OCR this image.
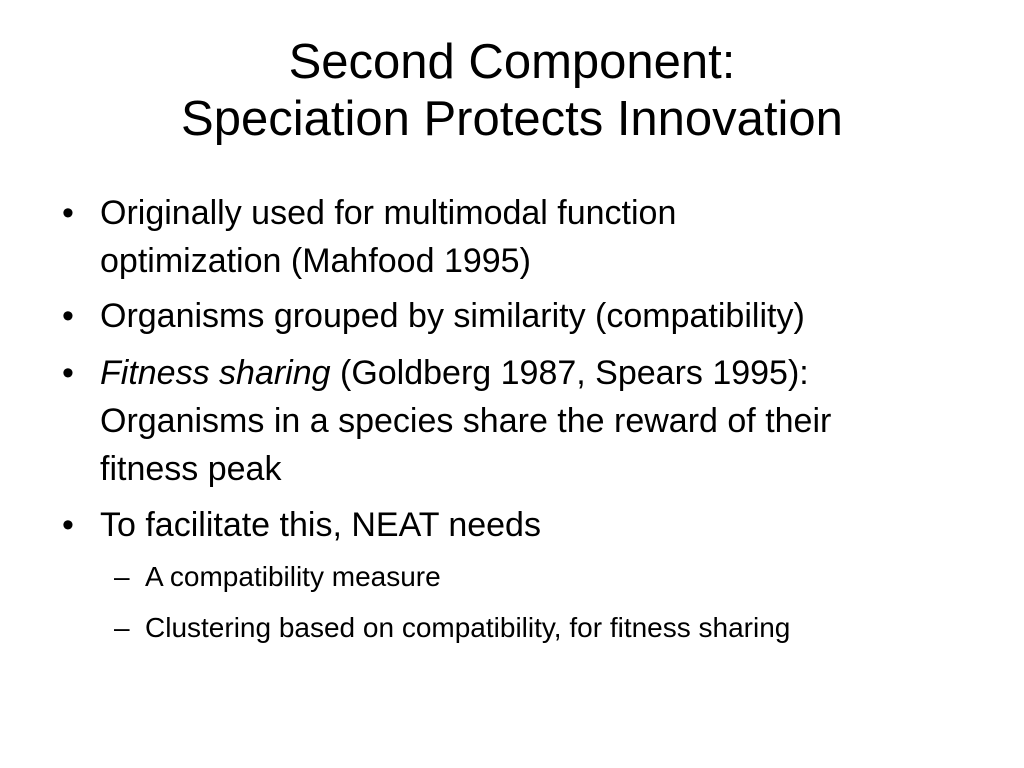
Second Component:
Speciation Protects Innovation
• Originally used for multimodal function
optimization (Mahfood 1995)
• Organisms grouped by similarity (compatibility)
• Fitness sharing (Goldberg 1987, Spears 1995):
Organisms in a species share the reward of their
fitness peak
• To facilitate this, NEAT needs
– A compatibility measure
– Clustering based on compatibility, for fitness sharing
